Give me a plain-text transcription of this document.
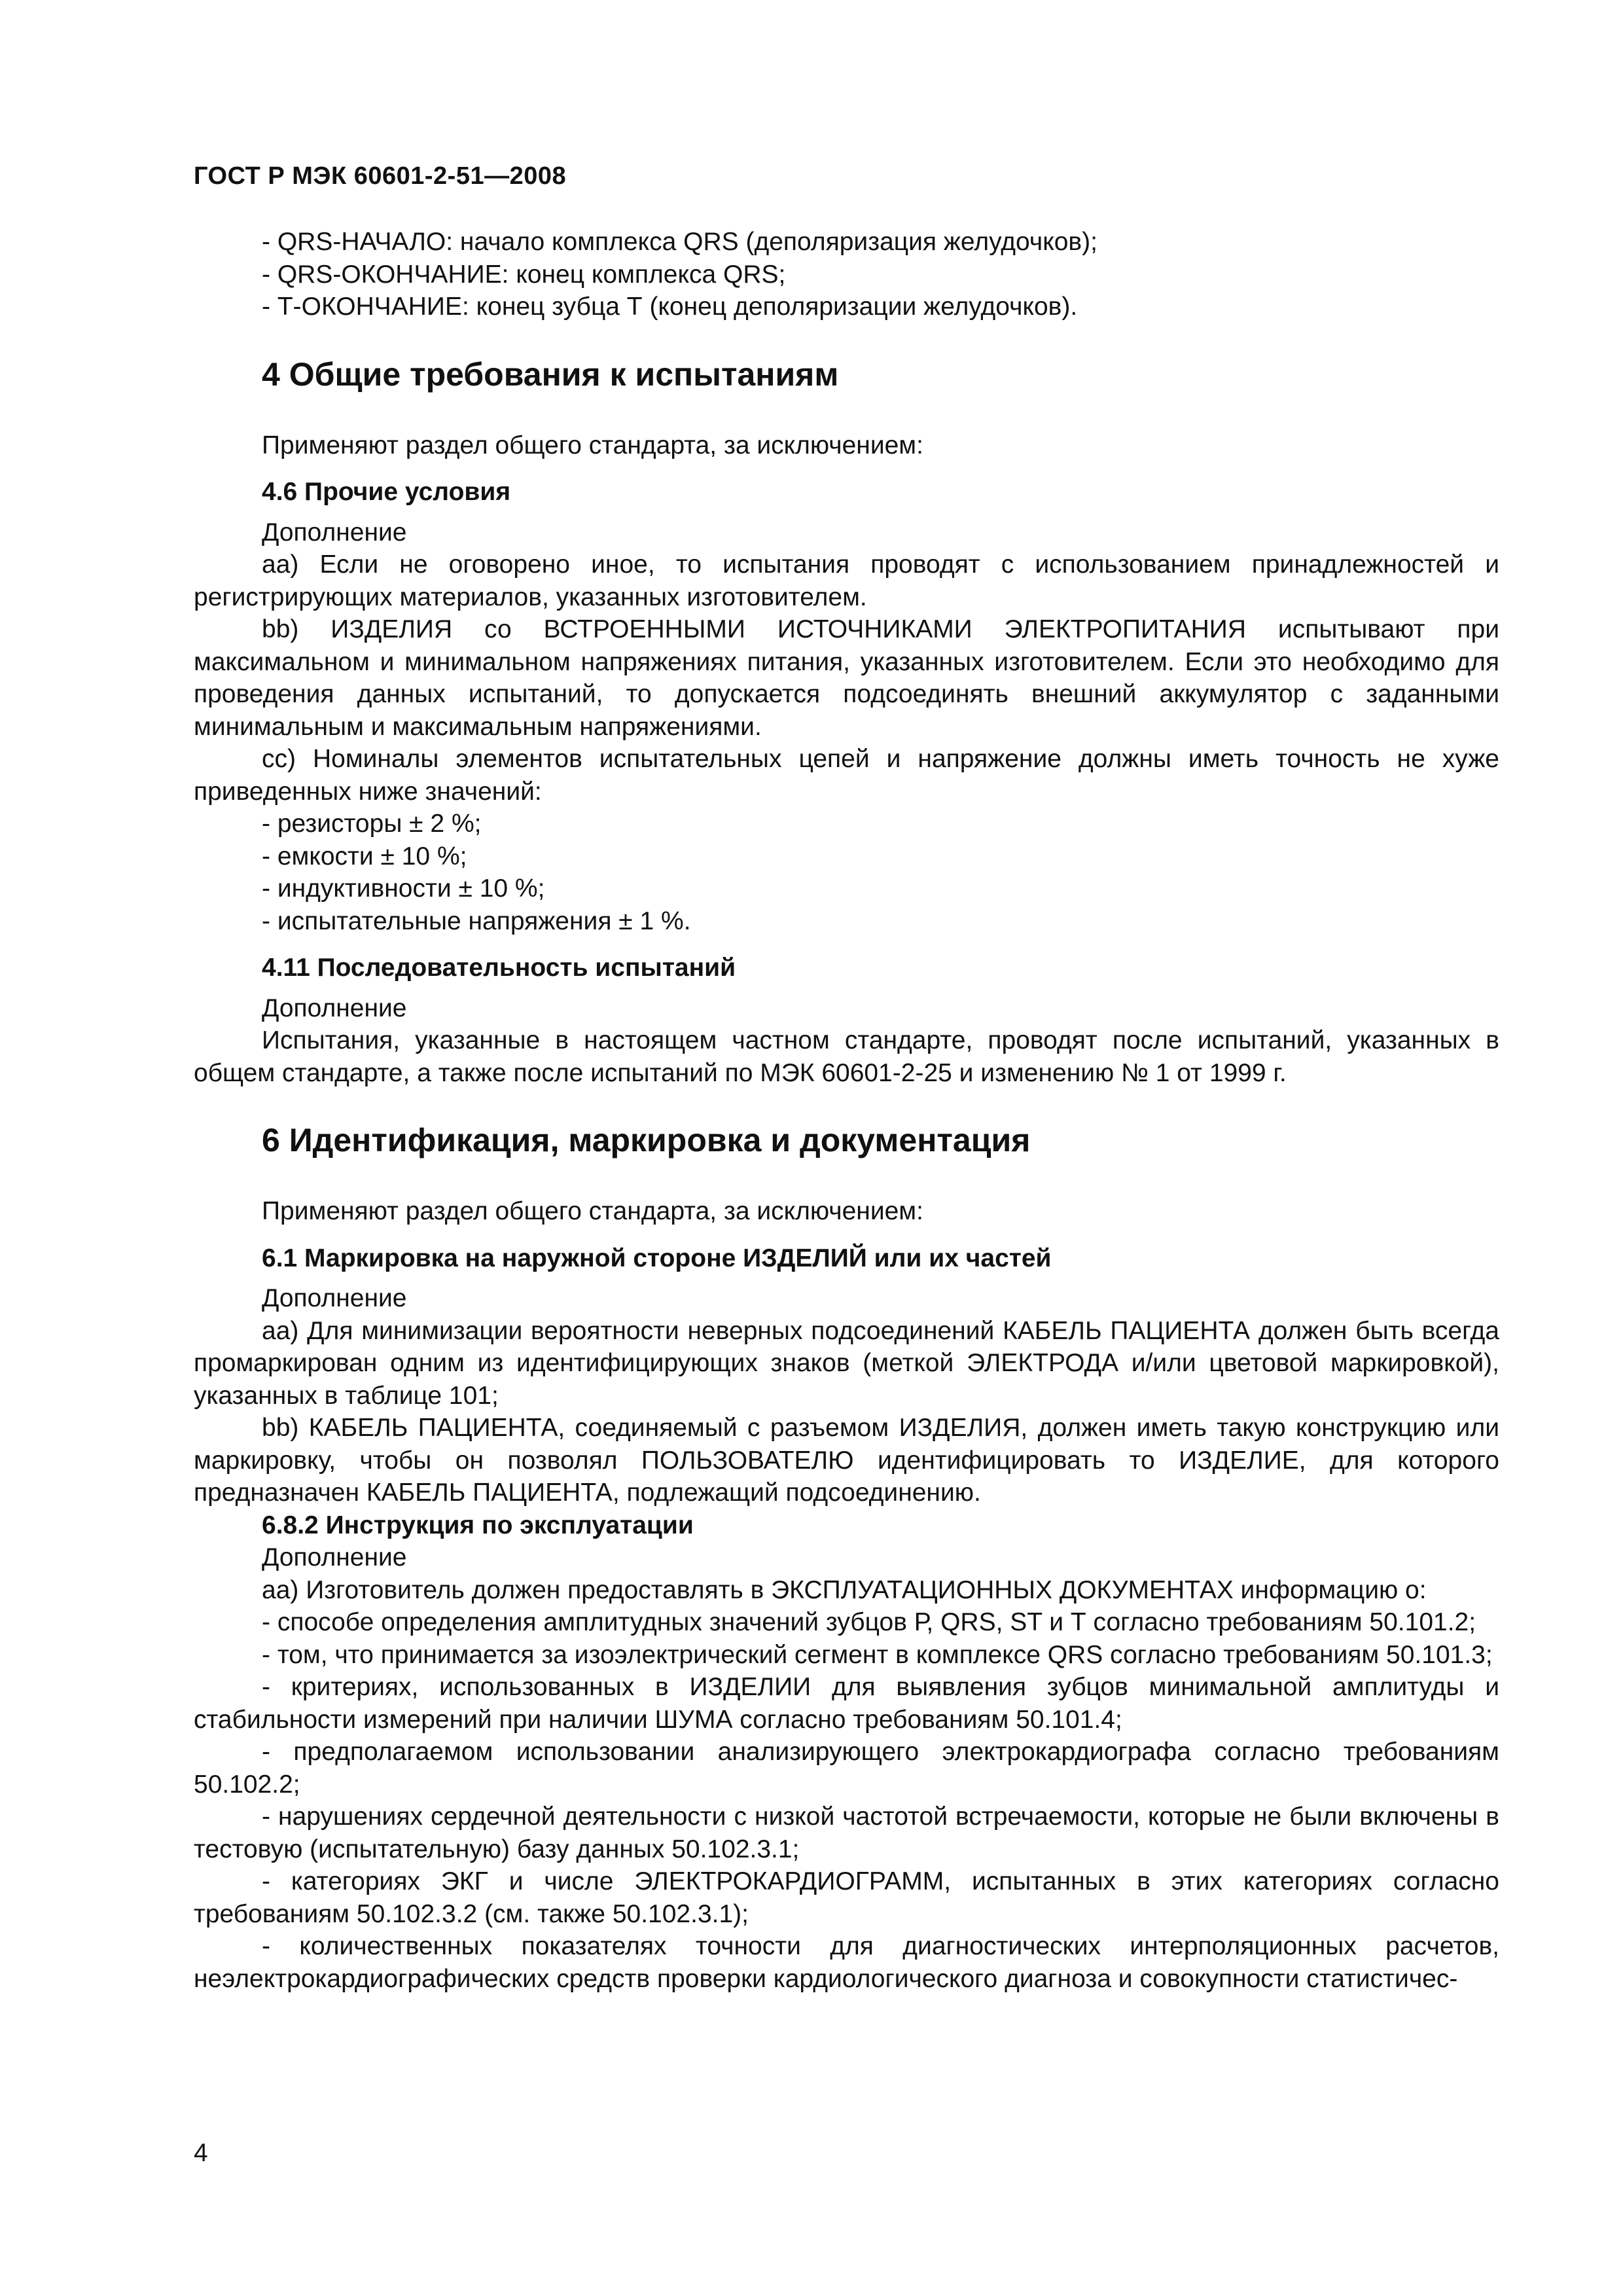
ГОСТ Р МЭК 60601-2-51—2008

- QRS-НАЧАЛО: начало комплекса QRS (деполяризация желудочков);

- QRS-ОКОНЧАНИЕ: конец комплекса QRS;

- Т-ОКОНЧАНИЕ: конец зубца Т (конец деполяризации желудочков).

4 Общие требования к испытаниям

Применяют раздел общего стандарта, за исключением:

4.6 Прочие условия

Дополнение

аа) Если не оговорено иное, то испытания проводят с использованием принадлежностей и регистрирующих материалов, указанных изготовителем.

bb) ИЗДЕЛИЯ со ВСТРОЕННЫМИ ИСТОЧНИКАМИ ЭЛЕКТРОПИТАНИЯ испытывают при максимальном и минимальном напряжениях питания, указанных изготовителем. Если это необходимо для проведения данных испытаний, то допускается подсоединять внешний аккумулятор с заданными минимальным и максимальным напряжениями.

сс) Номиналы элементов испытательных цепей и напряжение должны иметь точность не хуже приведенных ниже значений:

- резисторы ± 2 %;

- емкости ± 10 %;

- индуктивности ± 10 %;

- испытательные напряжения ± 1 %.

4.11 Последовательность испытаний

Дополнение

Испытания, указанные в настоящем частном стандарте, проводят после испытаний, указанных в общем стандарте, а также после испытаний по МЭК 60601-2-25 и изменению № 1 от 1999 г.

6 Идентификация, маркировка и документация

Применяют раздел общего стандарта, за исключением:

6.1 Маркировка на наружной стороне ИЗДЕЛИЙ или их частей

Дополнение

аа) Для минимизации вероятности неверных подсоединений КАБЕЛЬ ПАЦИЕНТА должен быть всегда промаркирован одним из идентифицирующих знаков (меткой ЭЛЕКТРОДА и/или цветовой маркировкой), указанных в таблице 101;

bb) КАБЕЛЬ ПАЦИЕНТА, соединяемый с разъемом ИЗДЕЛИЯ, должен иметь такую конструкцию или маркировку, чтобы он позволял ПОЛЬЗОВАТЕЛЮ идентифицировать то ИЗДЕЛИЕ, для которого предназначен КАБЕЛЬ ПАЦИЕНТА, подлежащий подсоединению.

6.8.2 Инструкция по эксплуатации

Дополнение

аа) Изготовитель должен предоставлять в ЭКСПЛУАТАЦИОННЫХ ДОКУМЕНТАХ информацию о:

- способе определения амплитудных значений зубцов Р, QRS, ST и Т согласно требованиям 50.101.2;

- том, что принимается за изоэлектрический сегмент в комплексе QRS согласно требованиям 50.101.3;

- критериях, использованных в ИЗДЕЛИИ для выявления зубцов минимальной амплитуды и стабильности измерений при наличии ШУМА согласно требованиям 50.101.4;

- предполагаемом использовании анализирующего электрокардиографа согласно требованиям 50.102.2;

- нарушениях сердечной деятельности с низкой частотой встречаемости, которые не были включены в тестовую (испытательную) базу данных 50.102.3.1;

- категориях ЭКГ и числе ЭЛЕКТРОКАРДИОГРАММ, испытанных в этих категориях согласно требованиям 50.102.3.2 (см. также 50.102.3.1);

- количественных показателях точности для диагностических интерполяционных расчетов, неэлектрокардиографических средств проверки кардиологического диагноза и совокупности статистичес-

4
